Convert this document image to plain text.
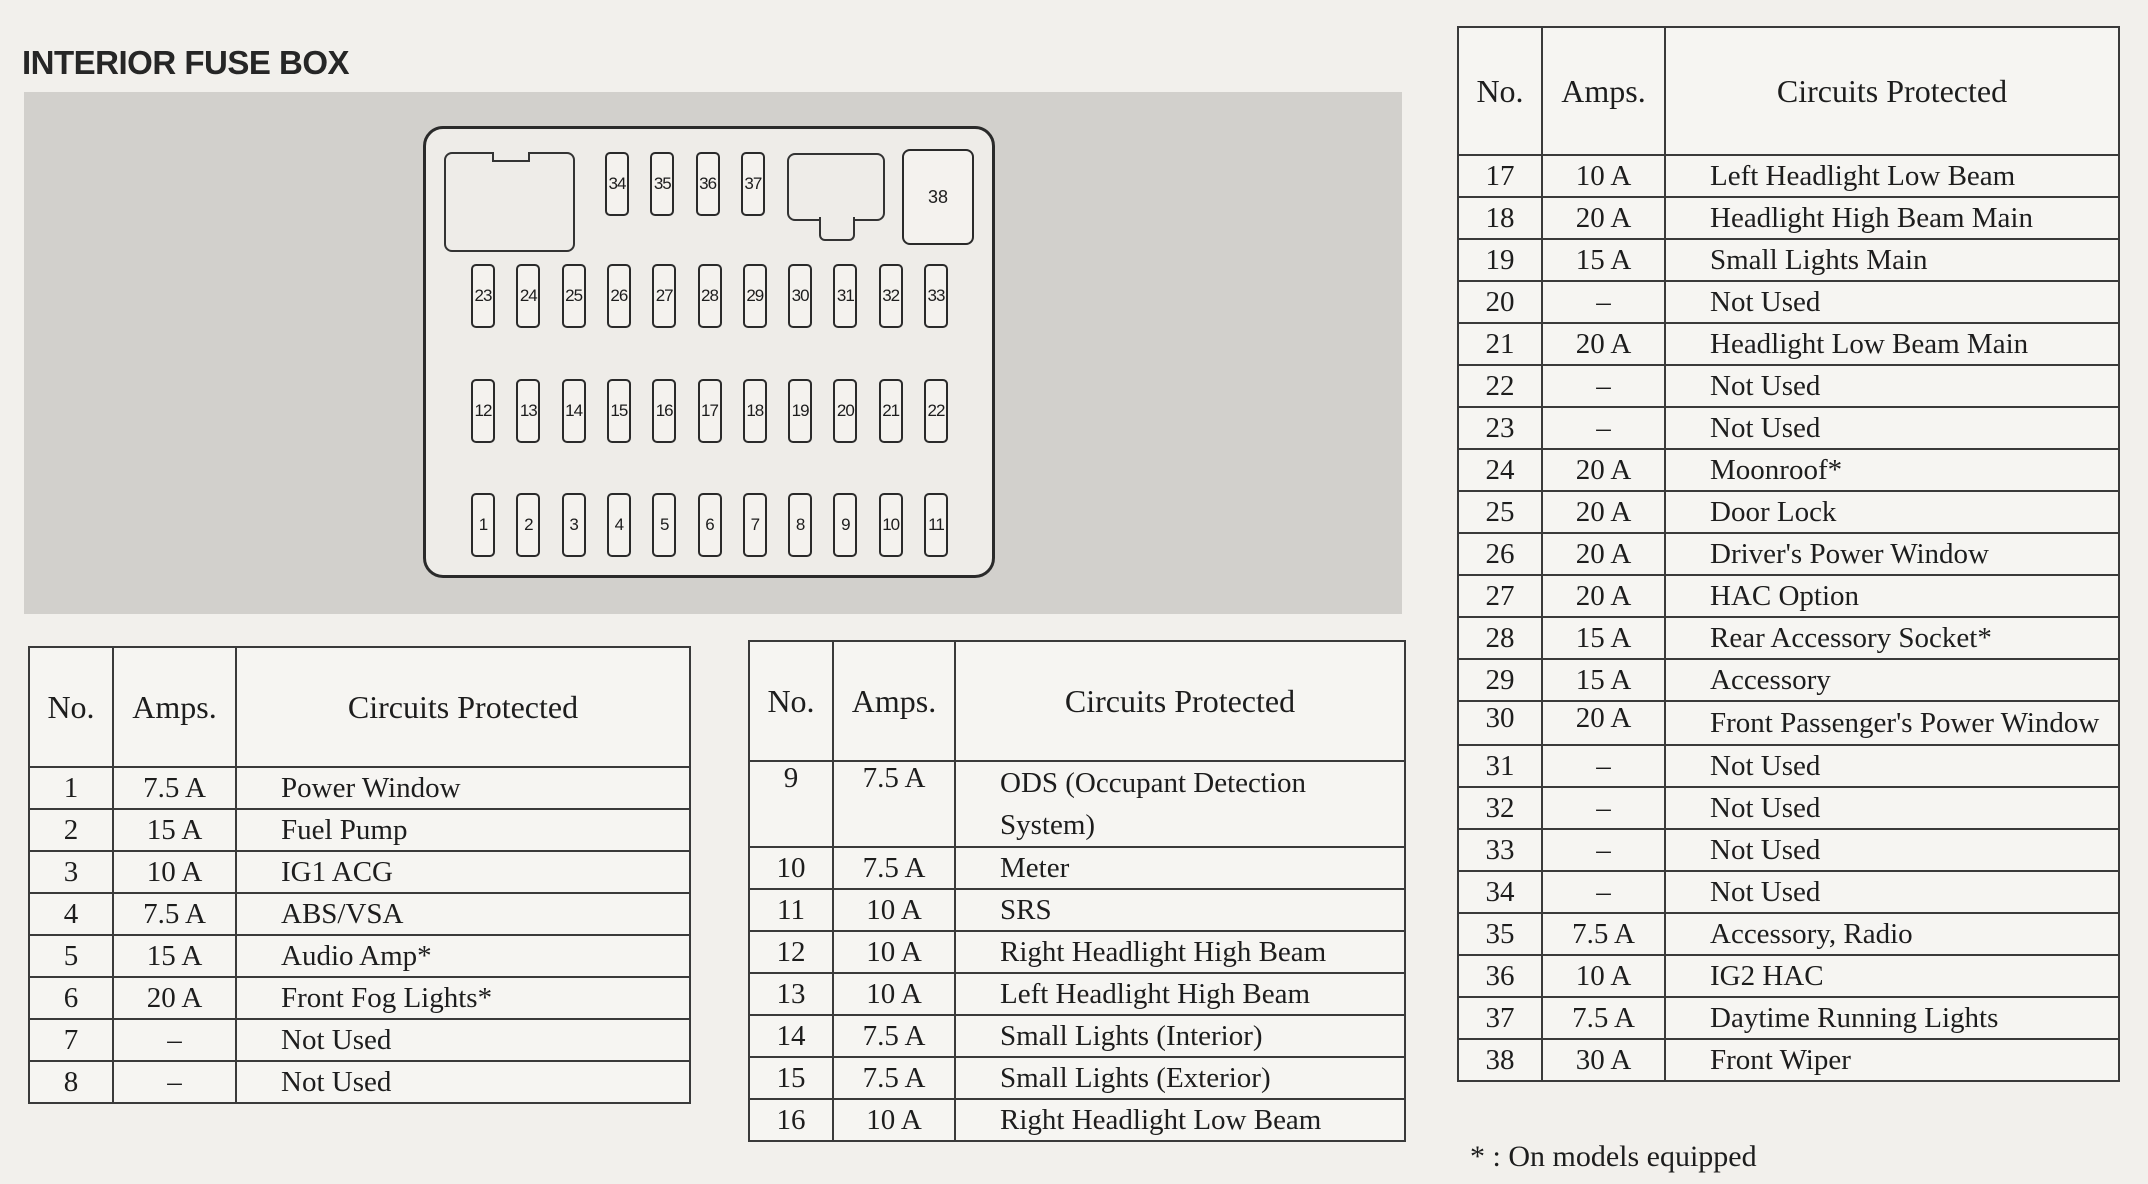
INTERIOR FUSE BOX
1	2	3	4	5	6	7	8	9	10 11
12 13 14 15 16 17 18 19 20 21 22
23 24 25 26 27 28 29 30 31 32 33
34 35 36 37
38
No.	Amps.	Circuits Protected
1	7.5 A	Power Window
2	15 A	Fuel Pump
3	10 A	IG1 ACG
4	7.5 A	ABS/VSA
5	15 A	Audio Amp*
6	20 A	Front Fog Lights*
7	–	Not Used
8	–	Not Used
No.	Amps.	Circuits Protected
9	7.5 A	ODS (Occupant Detection System)
10	7.5 A	Meter
11	10 A	SRS
12	10 A	Right Headlight High Beam
13	10 A	Left Headlight High Beam
14	7.5 A	Small Lights (Interior)
15	7.5 A	Small Lights (Exterior)
16	10 A	Right Headlight Low Beam
No.	Amps.	Circuits Protected
17	10 A	Left Headlight Low Beam
18	20 A	Headlight High Beam Main
19	15 A	Small Lights Main
20	–	Not Used
21	20 A	Headlight Low Beam Main
22	–	Not Used
23	–	Not Used
24	20 A	Moonroof*
25	20 A	Door Lock
26	20 A	Driver's Power Window
27	20 A	HAC Option
28	15 A	Rear Accessory Socket*
29	15 A	Accessory
30	20 A	Front Passenger's Power Window
31	–	Not Used
32	–	Not Used
33	–	Not Used
34	–	Not Used
35	7.5 A	Accessory, Radio
36	10 A	IG2 HAC
37	7.5 A	Daytime Running Lights
38	30 A	Front Wiper
* : On models equipped
